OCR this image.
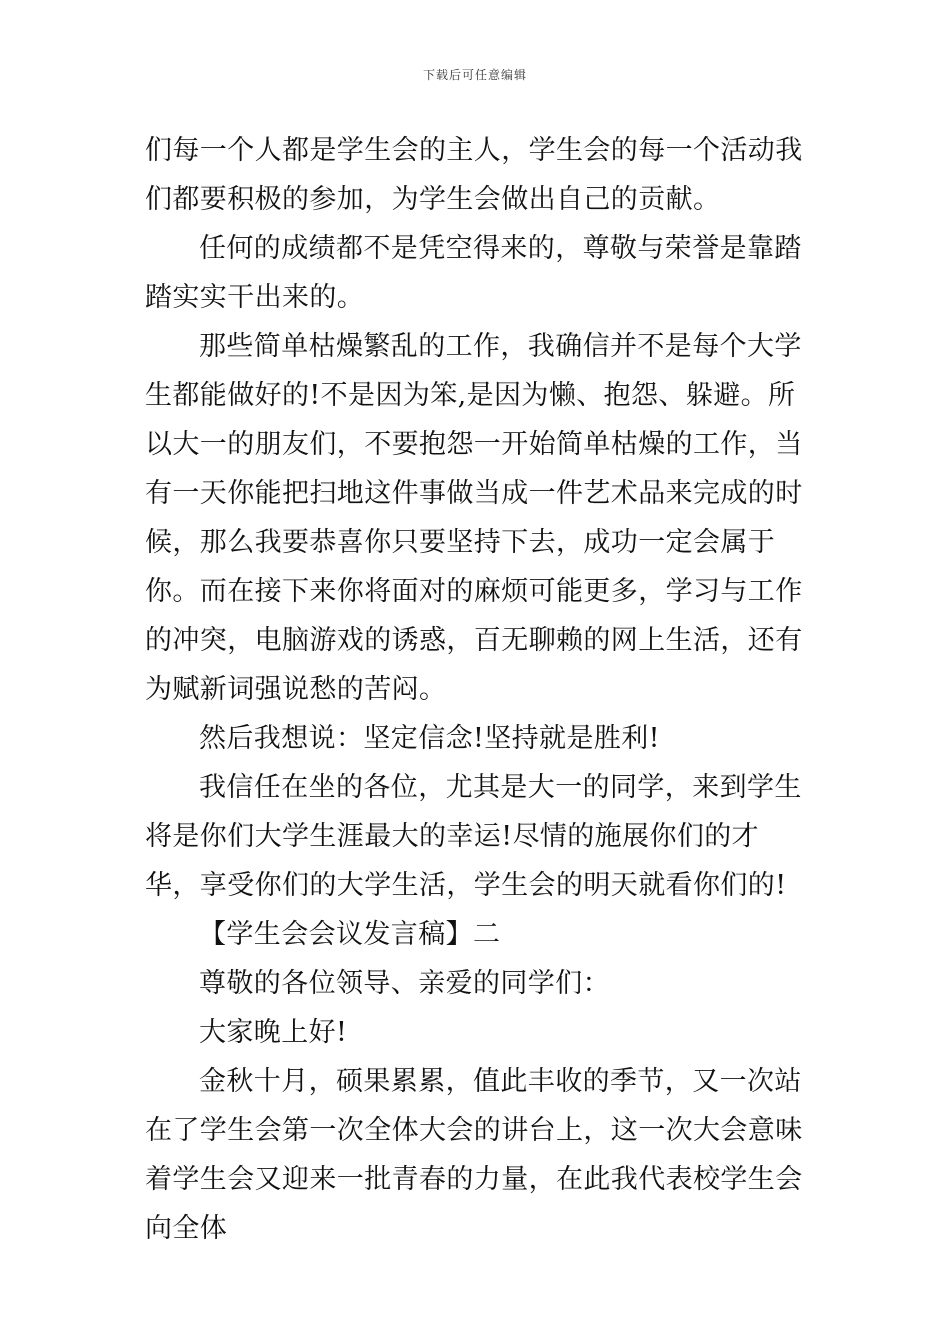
下载后可任意编辑

们每一个人都是学生会的主人，学生会的每一个活动我们都要积极的参加，为学生会做出自己的贡献。

任何的成绩都不是凭空得来的，尊敬与荣誉是靠踏踏实实干出来的。

那些简单枯燥繁乱的工作，我确信并不是每个大学生都能做好的!不是因为笨,是因为懒、抱怨、躲避。所以大一的朋友们，不要抱怨一开始简单枯燥的工作，当有一天你能把扫地这件事做当成一件艺术品来完成的时候，那么我要恭喜你只要坚持下去，成功一定会属于你。而在接下来你将面对的麻烦可能更多，学习与工作的冲突，电脑游戏的诱惑，百无聊赖的网上生活，还有为赋新词强说愁的苦闷。

然后我想说：坚定信念!坚持就是胜利!

我信任在坐的各位，尤其是大一的同学，来到学生将是你们大学生涯最大的幸运!尽情的施展你们的才华，享受你们的大学生活，学生会的明天就看你们的!

【学生会会议发言稿】二

尊敬的各位领导、亲爱的同学们：

大家晚上好!

金秋十月，硕果累累，值此丰收的季节，又一次站在了学生会第一次全体大会的讲台上，这一次大会意味着学生会又迎来一批青春的力量，在此我代表校学生会向全体
